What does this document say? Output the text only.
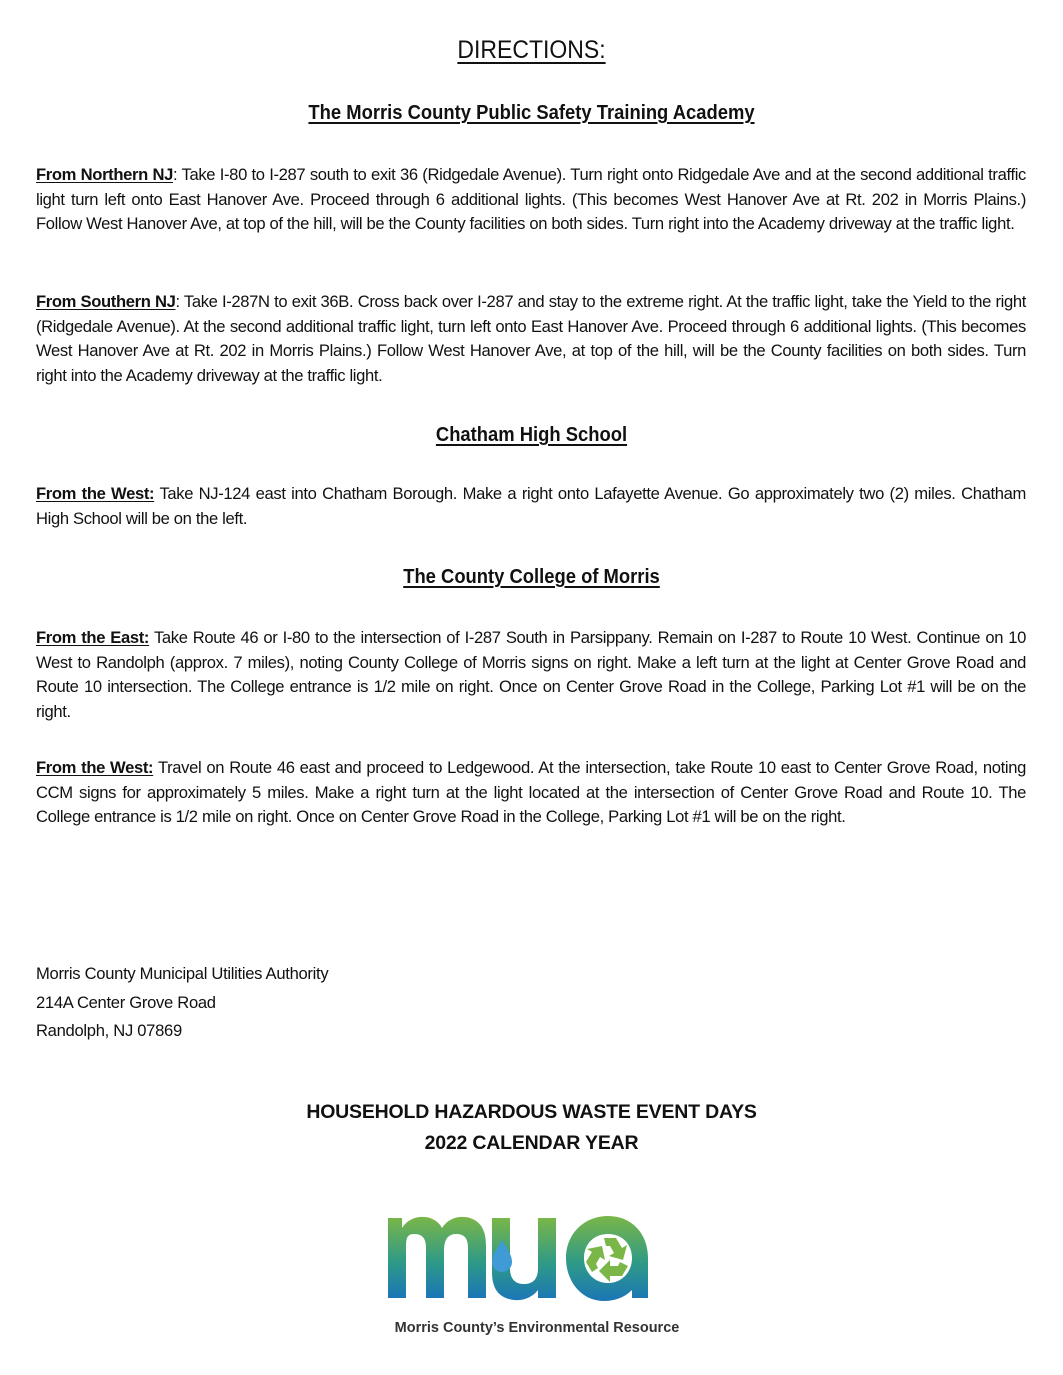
DIRECTIONS:
The Morris County Public Safety Training Academy
From Northern NJ: Take I-80 to I-287 south to exit 36 (Ridgedale Avenue). Turn right onto Ridgedale Ave and at the second additional traffic light turn left onto East Hanover Ave. Proceed through 6 additional lights. (This becomes West Hanover Ave at Rt. 202 in Morris Plains.) Follow West Hanover Ave, at top of the hill, will be the County facilities on both sides. Turn right into the Academy driveway at the traffic light.
From Southern NJ: Take I-287N to exit 36B. Cross back over I-287 and stay to the extreme right. At the traffic light, take the Yield to the right (Ridgedale Avenue). At the second additional traffic light, turn left onto East Hanover Ave. Proceed through 6 additional lights. (This becomes West Hanover Ave at Rt. 202 in Morris Plains.) Follow West Hanover Ave, at top of the hill, will be the County facilities on both sides. Turn right into the Academy driveway at the traffic light.
Chatham High School
From the West: Take NJ-124 east into Chatham Borough. Make a right onto Lafayette Avenue. Go approximately two (2) miles. Chatham High School will be on the left.
The County College of Morris
From the East: Take Route 46 or I-80 to the intersection of I-287 South in Parsippany. Remain on I-287 to Route 10 West. Continue on 10 West to Randolph (approx. 7 miles), noting County College of Morris signs on right. Make a left turn at the light at Center Grove Road and Route 10 intersection. The College entrance is 1/2 mile on right. Once on Center Grove Road in the College, Parking Lot #1 will be on the right.
From the West: Travel on Route 46 east and proceed to Ledgewood. At the intersection, take Route 10 east to Center Grove Road, noting CCM signs for approximately 5 miles. Make a right turn at the light located at the intersection of Center Grove Road and Route 10. The College entrance is 1/2 mile on right. Once on Center Grove Road in the College, Parking Lot #1 will be on the right.
Morris County Municipal Utilities Authority
214A Center Grove Road
Randolph, NJ 07869
HOUSEHOLD HAZARDOUS WASTE EVENT DAYS
2022 CALENDAR YEAR
Morris County’s Environmental Resource
